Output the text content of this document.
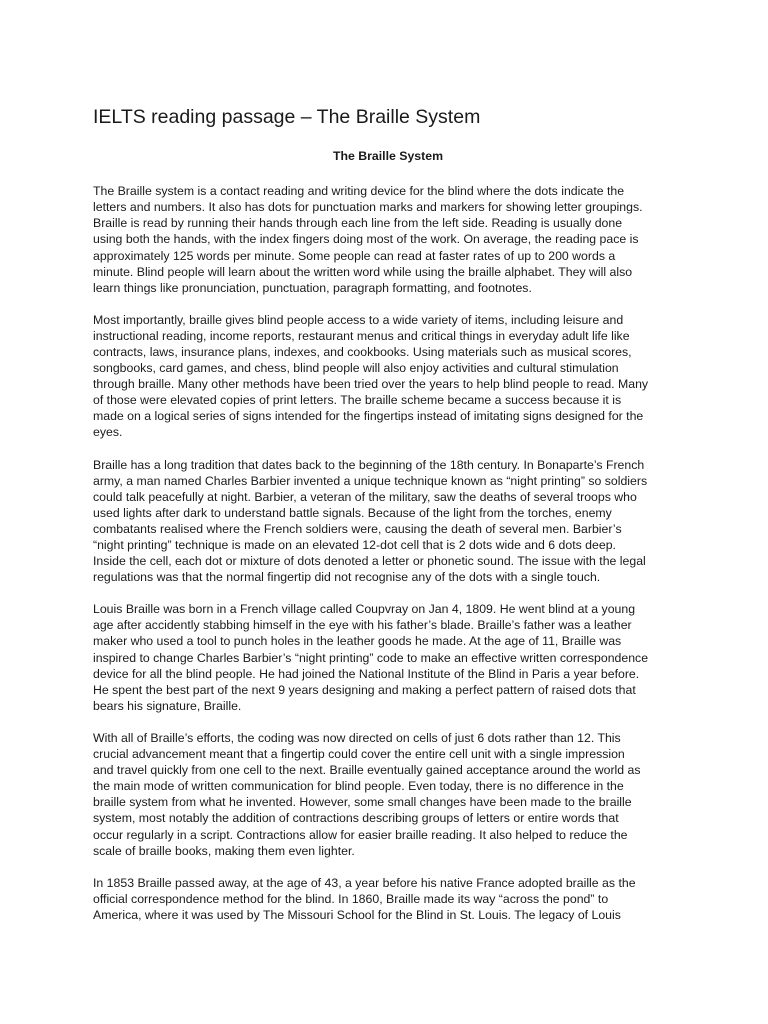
IELTS reading passage – The Braille System
The Braille System

The Braille system is a contact reading and writing device for the blind where the dots indicate the
letters and numbers. It also has dots for punctuation marks and markers for showing letter groupings.
Braille is read by running their hands through each line from the left side. Reading is usually done
using both the hands, with the index fingers doing most of the work. On average, the reading pace is
approximately 125 words per minute. Some people can read at faster rates of up to 200 words a
minute. Blind people will learn about the written word while using the braille alphabet. They will also
learn things like pronunciation, punctuation, paragraph formatting, and footnotes.

Most importantly, braille gives blind people access to a wide variety of items, including leisure and
instructional reading, income reports, restaurant menus and critical things in everyday adult life like
contracts, laws, insurance plans, indexes, and cookbooks. Using materials such as musical scores,
songbooks, card games, and chess, blind people will also enjoy activities and cultural stimulation
through braille. Many other methods have been tried over the years to help blind people to read. Many
of those were elevated copies of print letters. The braille scheme became a success because it is
made on a logical series of signs intended for the fingertips instead of imitating signs designed for the
eyes.

Braille has a long tradition that dates back to the beginning of the 18th century. In Bonaparte’s French
army, a man named Charles Barbier invented a unique technique known as “night printing” so soldiers
could talk peacefully at night. Barbier, a veteran of the military, saw the deaths of several troops who
used lights after dark to understand battle signals. Because of the light from the torches, enemy
combatants realised where the French soldiers were, causing the death of several men. Barbier’s
“night printing” technique is made on an elevated 12-dot cell that is 2 dots wide and 6 dots deep.
Inside the cell, each dot or mixture of dots denoted a letter or phonetic sound. The issue with the legal
regulations was that the normal fingertip did not recognise any of the dots with a single touch.

Louis Braille was born in a French village called Coupvray on Jan 4, 1809. He went blind at a young
age after accidently stabbing himself in the eye with his father’s blade. Braille’s father was a leather
maker who used a tool to punch holes in the leather goods he made. At the age of 11, Braille was
inspired to change Charles Barbier’s “night printing” code to make an effective written correspondence
device for all the blind people. He had joined the National Institute of the Blind in Paris a year before.
He spent the best part of the next 9 years designing and making a perfect pattern of raised dots that
bears his signature, Braille.

With all of Braille’s efforts, the coding was now directed on cells of just 6 dots rather than 12. This
crucial advancement meant that a fingertip could cover the entire cell unit with a single impression
and travel quickly from one cell to the next. Braille eventually gained acceptance around the world as
the main mode of written communication for blind people. Even today, there is no difference in the
braille system from what he invented. However, some small changes have been made to the braille
system, most notably the addition of contractions describing groups of letters or entire words that
occur regularly in a script. Contractions allow for easier braille reading. It also helped to reduce the
scale of braille books, making them even lighter.

In 1853 Braille passed away, at the age of 43, a year before his native France adopted braille as the
official correspondence method for the blind. In 1860, Braille made its way “across the pond” to
America, where it was used by The Missouri School for the Blind in St. Louis. The legacy of Louis
